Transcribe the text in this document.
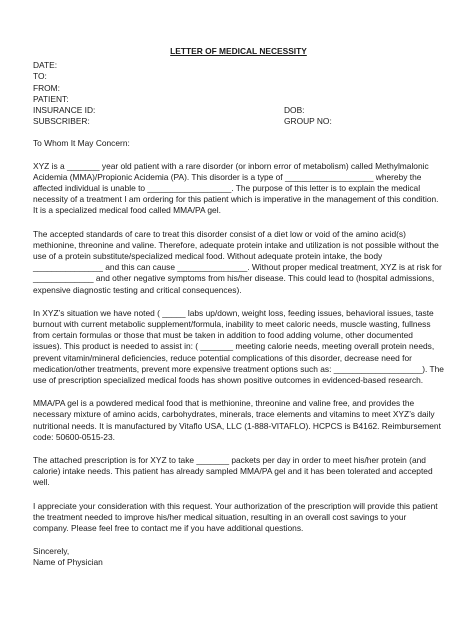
LETTER OF MEDICAL NECESSITY
DATE:
TO:
FROM:
PATIENT:
INSURANCE ID:	DOB:
SUBSCRIBER:	GROUP NO:

To Whom It May Concern:

XYZ is a _______ year old patient with a rare disorder (or inborn error of metabolism) called Methylmalonic Acidemia (MMA)/Propionic Acidemia (PA). This disorder is a type of ___________________ whereby the affected individual is unable to __________________. The purpose of this letter is to explain the medical necessity of a treatment I am ordering for this patient which is imperative in the management of this condition. It is a specialized medical food called MMA/PA gel.

The accepted standards of care to treat this disorder consist of a diet low or void of the amino acid(s) methionine, threonine and valine. Therefore, adequate protein intake and utilization is not possible without the use of a protein substitute/specialized medical food. Without adequate protein intake, the body _______________ and this can cause _______________. Without proper medical treatment, XYZ is at risk for _____________ and other negative symptoms from his/her disease. This could lead to (hospital admissions, expensive diagnostic testing and critical consequences).

In XYZ’s situation we have noted ( _____ labs up/down, weight loss, feeding issues, behavioral issues, taste burnout with current metabolic supplement/formula, inability to meet caloric needs, muscle wasting, fullness from certain formulas or those that must be taken in addition to food adding volume, other documented issues). This product is needed to assist in: ( _______ meeting calorie needs, meeting overall protein needs, prevent vitamin/mineral deficiencies, reduce potential complications of this disorder, decrease need for medication/other treatments, prevent more expensive treatment options such as: ___________________). The use of prescription specialized medical foods has shown positive outcomes in evidenced-based research.

MMA/PA gel is a powdered medical food that is methionine, threonine and valine free, and provides the necessary mixture of amino acids, carbohydrates, minerals, trace elements and vitamins to meet XYZ’s daily nutritional needs. It is manufactured by Vitaflo USA, LLC (1-888-VITAFLO). HCPCS is B4162. Reimbursement code: 50600-0515-23.

The attached prescription is for XYZ to take _______ packets per day in order to meet his/her protein (and calorie) intake needs. This patient has already sampled MMA/PA gel and it has been tolerated and accepted well.

I appreciate your consideration with this request. Your authorization of the prescription will provide this patient the treatment needed to improve his/her medical situation, resulting in an overall cost savings to your company. Please feel free to contact me if you have additional questions.

Sincerely,

Name of Physician
